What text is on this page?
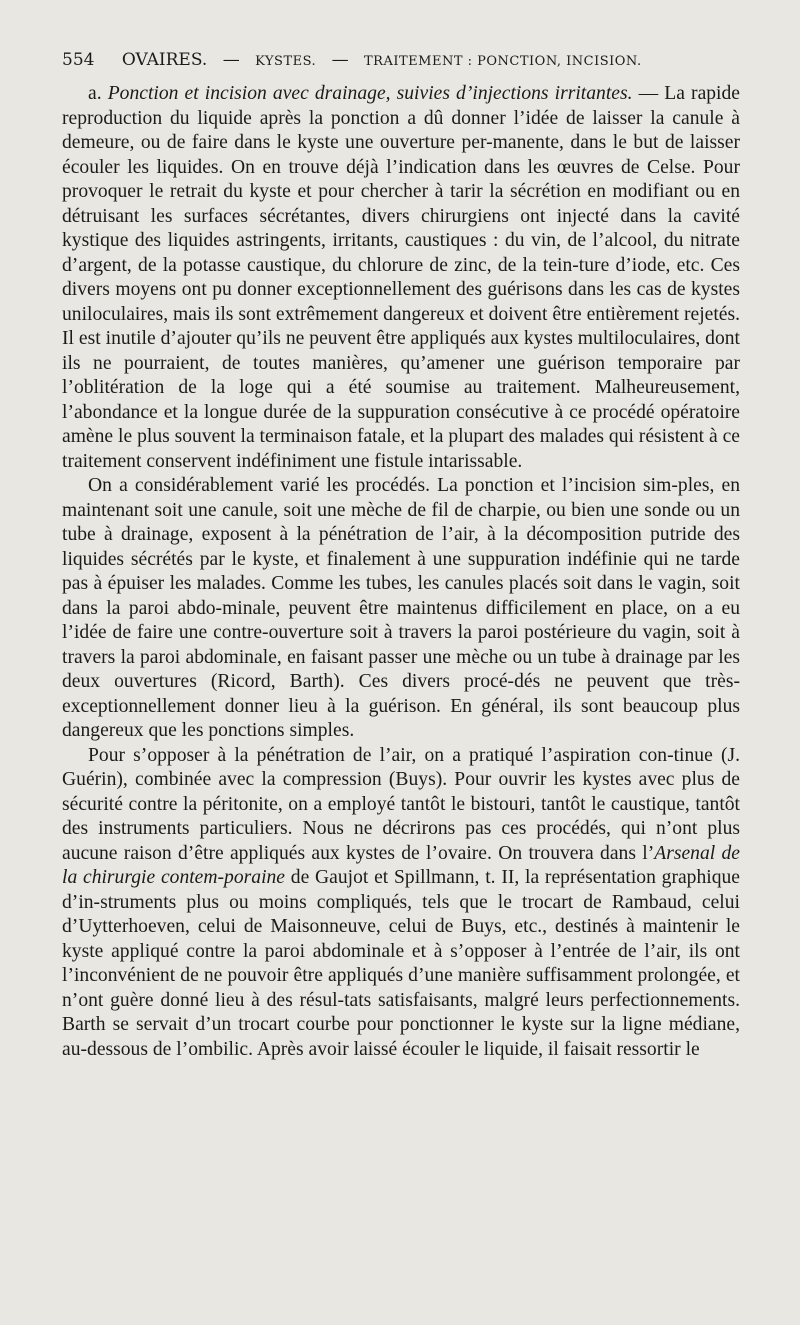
554 OVAIRES. — KYSTES. — TRAITEMENT : PONCTION, INCISION.

a. Ponction et incision avec drainage, suivies d’injections irritantes. — La rapide reproduction du liquide après la ponction a dû donner l’idée de laisser la canule à demeure, ou de faire dans le kyste une ouverture per-manente, dans le but de laisser écouler les liquides. On en trouve déjà l’indication dans les œuvres de Celse. Pour provoquer le retrait du kyste et pour chercher à tarir la sécrétion en modifiant ou en détruisant les surfaces sécrétantes, divers chirurgiens ont injecté dans la cavité kystique des liquides astringents, irritants, caustiques : du vin, de l’alcool, du nitrate d’argent, de la potasse caustique, du chlorure de zinc, de la tein-ture d’iode, etc. Ces divers moyens ont pu donner exceptionnellement des guérisons dans les cas de kystes uniloculaires, mais ils sont extrêmement dangereux et doivent être entièrement rejetés. Il est inutile d’ajouter qu’ils ne peuvent être appliqués aux kystes multiloculaires, dont ils ne pourraient, de toutes manières, qu’amener une guérison temporaire par l’oblitération de la loge qui a été soumise au traitement. Malheureusement, l’abondance et la longue durée de la suppuration consécutive à ce procédé opératoire amène le plus souvent la terminaison fatale, et la plupart des malades qui résistent à ce traitement conservent indéfiniment une fistule intarissable.

On a considérablement varié les procédés. La ponction et l’incision sim-ples, en maintenant soit une canule, soit une mèche de fil de charpie, ou bien une sonde ou un tube à drainage, exposent à la pénétration de l’air, à la décomposition putride des liquides sécrétés par le kyste, et finalement à une suppuration indéfinie qui ne tarde pas à épuiser les malades. Comme les tubes, les canules placés soit dans le vagin, soit dans la paroi abdo-minale, peuvent être maintenus difficilement en place, on a eu l’idée de faire une contre-ouverture soit à travers la paroi postérieure du vagin, soit à travers la paroi abdominale, en faisant passer une mèche ou un tube à drainage par les deux ouvertures (Ricord, Barth). Ces divers procé-dés ne peuvent que très-exceptionnellement donner lieu à la guérison. En général, ils sont beaucoup plus dangereux que les ponctions simples.

Pour s’opposer à la pénétration de l’air, on a pratiqué l’aspiration con-tinue (J. Guérin), combinée avec la compression (Buys). Pour ouvrir les kystes avec plus de sécurité contre la péritonite, on a employé tantôt le bistouri, tantôt le caustique, tantôt des instruments particuliers. Nous ne décrirons pas ces procédés, qui n’ont plus aucune raison d’être appliqués aux kystes de l’ovaire. On trouvera dans l’Arsenal de la chirurgie contem-poraine de Gaujot et Spillmann, t. II, la représentation graphique d’in-struments plus ou moins compliqués, tels que le trocart de Rambaud, celui d’Uytterhoeven, celui de Maisonneuve, celui de Buys, etc., destinés à maintenir le kyste appliqué contre la paroi abdominale et à s’opposer à l’entrée de l’air, ils ont l’inconvénient de ne pouvoir être appliqués d’une manière suffisamment prolongée, et n’ont guère donné lieu à des résul-tats satisfaisants, malgré leurs perfectionnements. Barth se servait d’un trocart courbe pour ponctionner le kyste sur la ligne médiane, au-dessous de l’ombilic. Après avoir laissé écouler le liquide, il faisait ressortir le
